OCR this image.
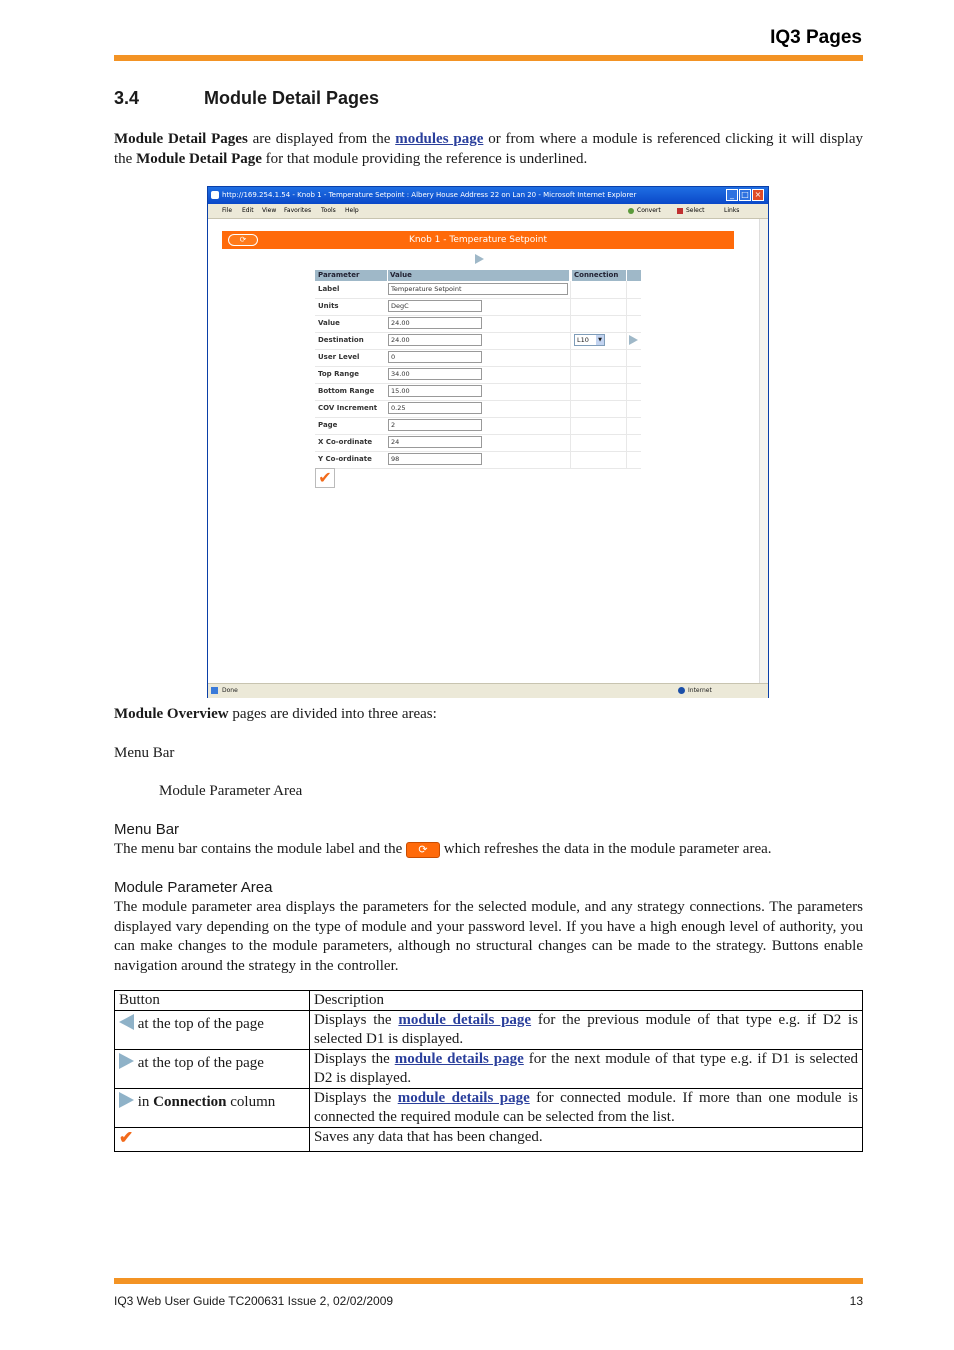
IQ3 Pages
3.4	Module Detail Pages
Module Detail Pages are displayed from the modules page or from where a module is referenced clicking it will display the Module Detail Page for that module providing the reference is underlined.
http://169.254.1.54 - Knob 1 - Temperature Setpoint : Albery House Address 22 on Lan 20 - Microsoft Internet Explorer	_ □ ×
File Edit View Favorites Tools Help	Convert	Select	Links
⟳	Knob 1 - Temperature Setpoint
Parameter	Value	Connection
Label	Temperature Setpoint
Units	DegC
Value	24.00
Destination	24.00	L10	▼
User Level	0
Top Range	34.00
Bottom Range	15.00
COV Increment	0.25
Page	2
X Co-ordinate	24
Y Co-ordinate	98
✔
Done	Internet
Module Overview pages are divided into three areas:
Menu Bar
Module Parameter Area
Menu Bar
The menu bar contains the module label and the ⟳ which refreshes the data in the module parameter area.
Module Parameter Area
The module parameter area displays the parameters for the selected module, and any strategy connections. The parameters displayed vary depending on the type of module and your password level. If you have a high enough level of authority, you can make changes to the module parameters, although no structural changes can be made to the strategy. Buttons enable navigation around the strategy in the controller.
Button	Description
at the top of the page	Displays the module details page for the previous module of that type e.g. if D2 is selected D1 is displayed.
at the top of the page	Displays the module details page for the next module of that type e.g. if D1 is selected D2 is displayed.
in Connection column	Displays the module details page for connected module. If more than one module is connected the required module can be selected from the list.
✔	Saves any data that has been changed.
IQ3 Web User Guide TC200631 Issue 2, 02/02/2009	13
